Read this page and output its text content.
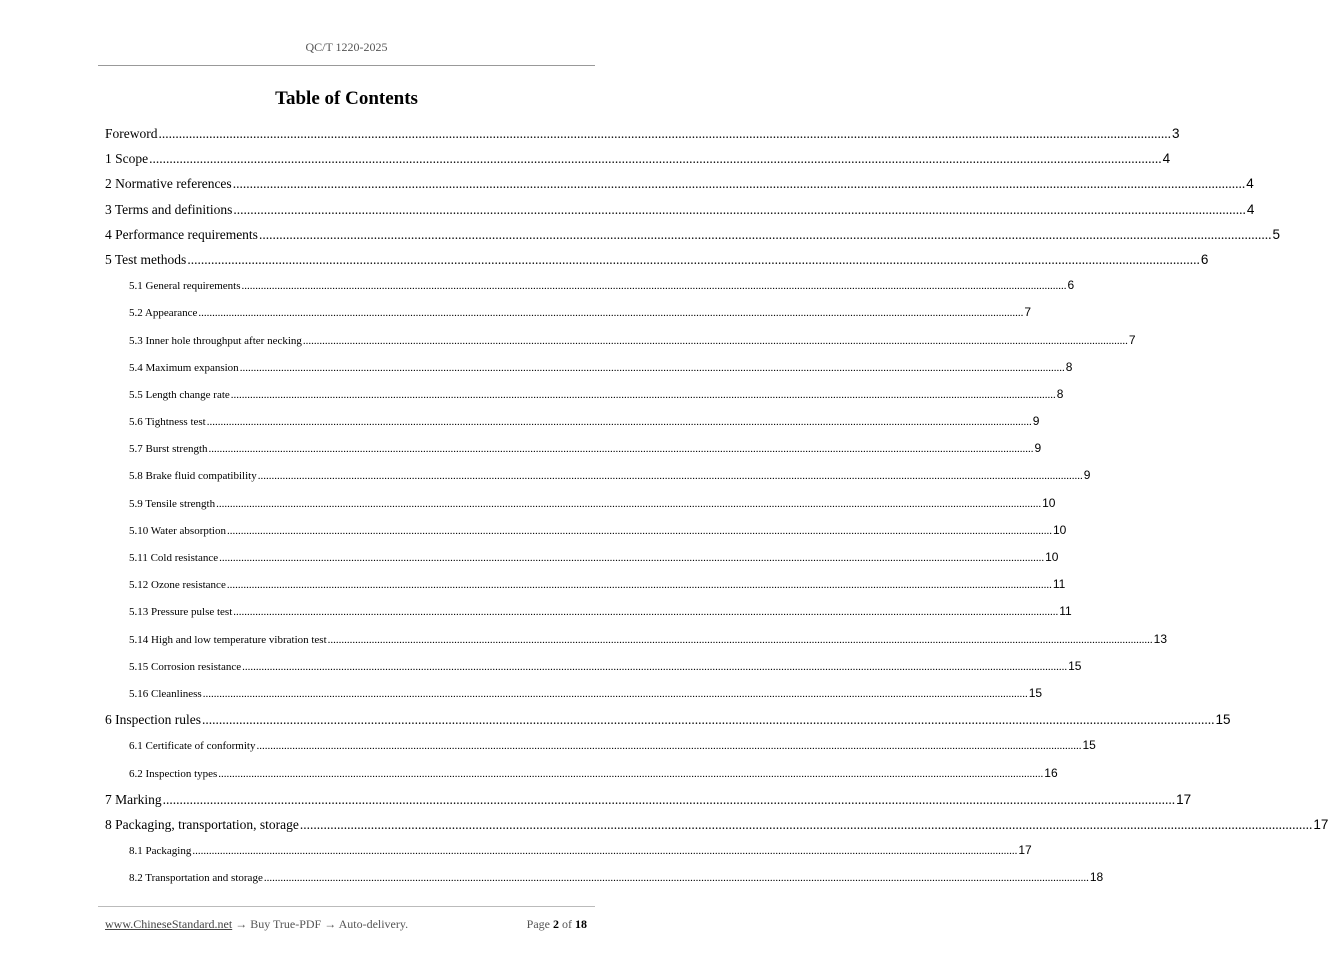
QC/T 1220-2025
Table of Contents
Foreword ............................................................................................................................................................................................................................................................................................................ 3
1 Scope ............................................................................................................................................................................................................................................................................................................ 4
2 Normative references ............................................................................................................................................................................................................................................................................................................ 4
3 Terms and definitions ............................................................................................................................................................................................................................................................................................................ 4
4 Performance requirements ............................................................................................................................................................................................................................................................................................................ 5
5 Test methods ............................................................................................................................................................................................................................................................................................................ 6
5.1 General requirements ............................................................................................................................................................................................................................................................................................................ 6
5.2 Appearance ............................................................................................................................................................................................................................................................................................................ 7
5.3 Inner hole throughput after necking ............................................................................................................................................................................................................................................................................................................ 7
5.4 Maximum expansion ............................................................................................................................................................................................................................................................................................................ 8
5.5 Length change rate ............................................................................................................................................................................................................................................................................................................ 8
5.6 Tightness test ............................................................................................................................................................................................................................................................................................................ 9
5.7 Burst strength ............................................................................................................................................................................................................................................................................................................ 9
5.8 Brake fluid compatibility ............................................................................................................................................................................................................................................................................................................ 9
5.9 Tensile strength ............................................................................................................................................................................................................................................................................................................ 10
5.10 Water absorption ............................................................................................................................................................................................................................................................................................................ 10
5.11 Cold resistance ............................................................................................................................................................................................................................................................................................................ 10
5.12 Ozone resistance ............................................................................................................................................................................................................................................................................................................ 11
5.13 Pressure pulse test ............................................................................................................................................................................................................................................................................................................ 11
5.14 High and low temperature vibration test ............................................................................................................................................................................................................................................................................................................ 13
5.15 Corrosion resistance ............................................................................................................................................................................................................................................................................................................ 15
5.16 Cleanliness ............................................................................................................................................................................................................................................................................................................ 15
6 Inspection rules ............................................................................................................................................................................................................................................................................................................ 15
6.1 Certificate of conformity ............................................................................................................................................................................................................................................................................................................ 15
6.2 Inspection types ............................................................................................................................................................................................................................................................................................................ 16
7 Marking ............................................................................................................................................................................................................................................................................................................ 17
8 Packaging, transportation, storage ............................................................................................................................................................................................................................................................................................................ 17
8.1 Packaging ............................................................................................................................................................................................................................................................................................................ 17
8.2 Transportation and storage ............................................................................................................................................................................................................................................................................................................ 18
www.ChineseStandard.net → Buy True-PDF → Auto-delivery.	Page 2 of 18
